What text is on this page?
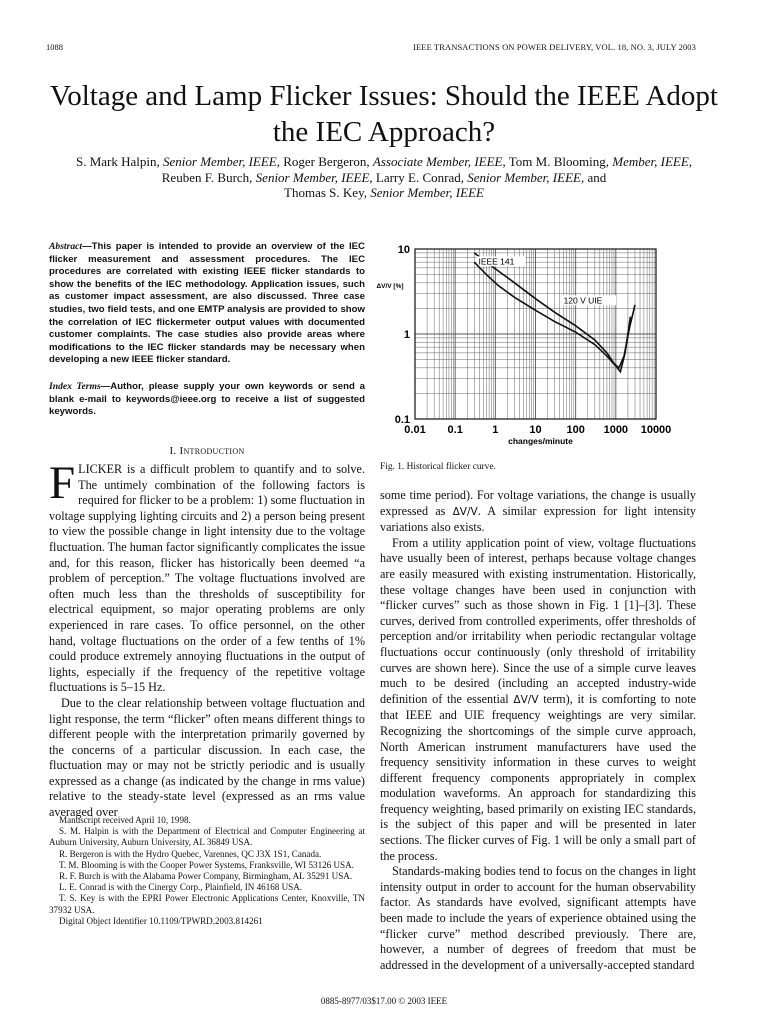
1088	IEEE TRANSACTIONS ON POWER DELIVERY, VOL. 18, NO. 3, JULY 2003
Voltage and Lamp Flicker Issues: Should the IEEE Adopt the IEC Approach?
S. Mark Halpin, Senior Member, IEEE, Roger Bergeron, Associate Member, IEEE, Tom M. Blooming, Member, IEEE,
Reuben F. Burch, Senior Member, IEEE, Larry E. Conrad, Senior Member, IEEE, and
Thomas S. Key, Senior Member, IEEE
Abstract—This paper is intended to provide an overview of the IEC flicker measurement and assessment procedures. The IEC procedures are correlated with existing IEEE flicker standards to show the benefits of the IEC methodology. Application issues, such as customer impact assessment, are also discussed. Three case studies, two field tests, and one EMTP analysis are provided to show the correlation of IEC flickermeter output values with documented customer complaints. The case studies also provide areas where modifications to the IEC flicker standards may be necessary when developing a new IEEE flicker standard.
Index Terms—Author, please supply your own keywords or send a blank e-mail to keywords@ieee.org to receive a list of suggested keywords.
I. Introduction

FLICKER is a difficult problem to quantify and to solve. The untimely combination of the following factors is required for flicker to be a problem: 1) some fluctuation in voltage supplying lighting circuits and 2) a person being present to view the possible change in light intensity due to the voltage fluctuation. The human factor significantly complicates the issue and, for this reason, flicker has historically been deemed “a problem of perception.” The voltage fluctuations involved are often much less than the thresholds of susceptibility for electrical equipment, so major operating problems are only experienced in rare cases. To office personnel, on the other hand, voltage fluctuations on the order of a few tenths of 1% could produce extremely annoying fluctuations in the output of lights, especially if the frequency of the repetitive voltage fluctuations is 5–15 Hz.

Due to the clear relationship between voltage fluctuation and light response, the term “flicker” often means different things to different people with the interpretation primarily governed by the concerns of a particular discussion. In each case, the fluctuation may or may not be strictly periodic and is usually expressed as a change (as indicated by the change in rms value) relative to the steady-state level (expressed as an rms value averaged over

Manuscript received April 10, 1998.

S. M. Halpin is with the Department of Electrical and Computer Engineering at Auburn University, Auburn University, AL 36849 USA.

R. Bergeron is with the Hydro Quebec, Varennes, QC J3X 1S1, Canada.

T. M. Blooming is with the Cooper Power Systems, Franksville, WI 53126 USA.

R. F. Burch is with the Alabama Power Company, Birmingham, AL 35291 USA.

L. E. Conrad is with the Cinergy Corp., Plainfield, IN 46168 USA.

T. S. Key is with the EPRI Power Electronic Applications Center, Knoxville, TN 37932 USA.

Digital Object Identifier 10.1109/TPWRD.2003.814261

0.01 0.1	1	10 100 1000 10000
0.1
1
10
changes/minute
ΔV/V [%]
IEEE 141
120 V UIE
Fig. 1. Historical flicker curve.

some time period). For voltage variations, the change is usually expressed as ΔV/V. A similar expression for light intensity variations also exists.

From a utility application point of view, voltage fluctuations have usually been of interest, perhaps because voltage changes are easily measured with existing instrumentation. Historically, these voltage changes have been used in conjunction with “flicker curves” such as those shown in Fig. 1 [1]–[3]. These curves, derived from controlled experiments, offer thresholds of perception and/or irritability when periodic rectangular voltage fluctuations occur continuously (only threshold of irritability curves are shown here). Since the use of a simple curve leaves much to be desired (including an accepted industry-wide definition of the essential ΔV/V term), it is comforting to note that IEEE and UIE frequency weightings are very similar. Recognizing the shortcomings of the simple curve approach, North American instrument manufacturers have used the frequency sensitivity information in these curves to weight different frequency components appropriately in complex modulation waveforms. An approach for standardizing this frequency weighting, based primarily on existing IEC standards, is the subject of this paper and will be presented in later sections. The flicker curves of Fig. 1 will be only a small part of the process.

Standards-making bodies tend to focus on the changes in light intensity output in order to account for the human observability factor. As standards have evolved, significant attempts have been made to include the years of experience obtained using the “flicker curve” method described previously. There are, however, a number of degrees of freedom that must be addressed in the development of a universally-accepted standard

0885-8977/03$17.00 © 2003 IEEE
